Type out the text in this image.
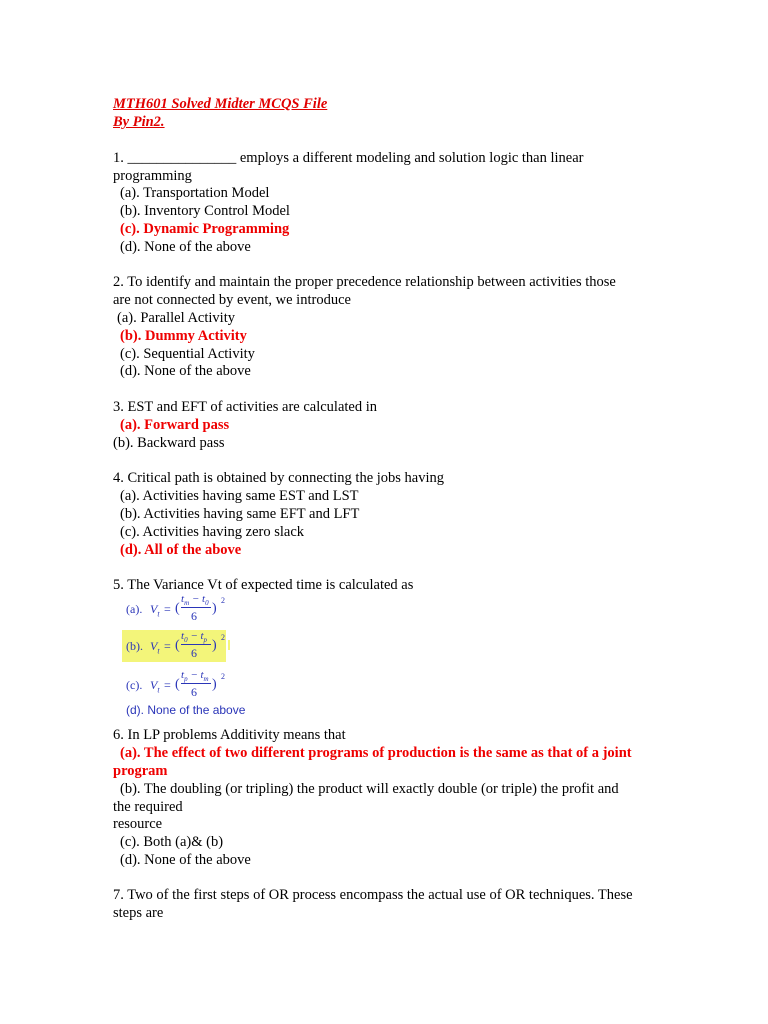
MTH601 Solved Midter MCQS File
By Pin2.
1. _______________ employs a different modeling and solution logic than linear
programming
(a). Transportation Model
(b). Inventory Control Model
(c). Dynamic Programming
(d). None of the above
2. To identify and maintain the proper precedence relationship between activities those
are not connected by event, we introduce
(a). Parallel Activity
(b). Dummy Activity
(c). Sequential Activity
(d). None of the above
3. EST and EFT of activities are calculated in
(a). Forward pass
(b). Backward pass
4. Critical path is obtained by connecting the jobs having
(a). Activities having same EST and LST
(b). Activities having same EFT and LFT
(c). Activities having zero slack
(d). All of the above
5. The Variance Vt of expected time is calculated as
(a). $V_t$ = (
$t_m - t_0$
6 )
2
(b). $V_t$ = (
$t_0 - t_p$
6 )
2
(c). $V_t$ = (
$t_p - t_m$
6 )
2
(d). None of the above
6. In LP problems Additivity means that
(a). The effect of two different programs of production is the same as that of a joint
program
(b). The doubling (or tripling) the product will exactly double (or triple) the profit and
the required
resource
(c). Both (a)& (b)
(d). None of the above
7. Two of the first steps of OR process encompass the actual use of OR techniques. These
steps are
